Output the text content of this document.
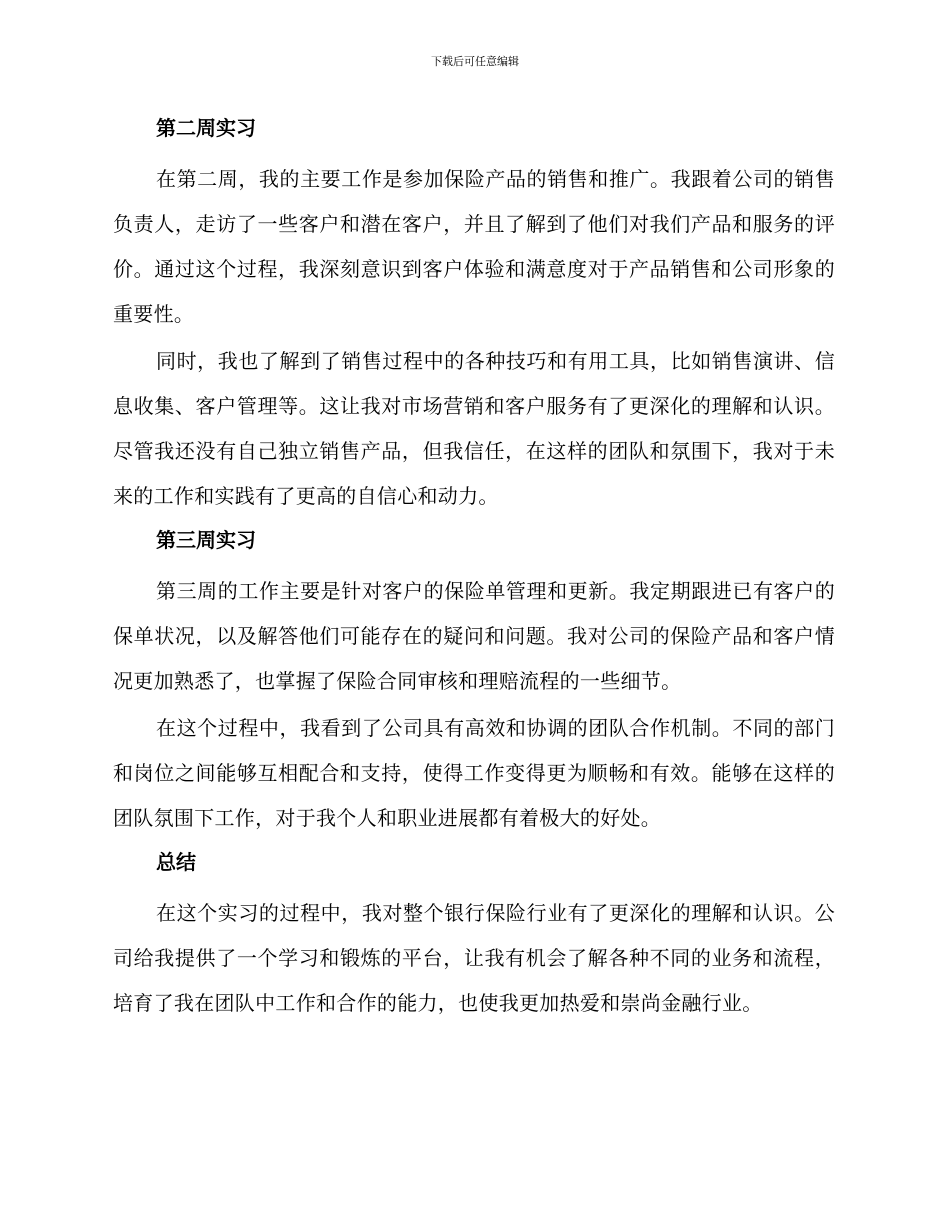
下载后可任意编辑
第二周实习

在第二周，我的主要工作是参加保险产品的销售和推广。我跟着公司的销售负责人，走访了一些客户和潜在客户，并且了解到了他们对我们产品和服务的评价。通过这个过程，我深刻意识到客户体验和满意度对于产品销售和公司形象的重要性。

同时，我也了解到了销售过程中的各种技巧和有用工具，比如销售演讲、信息收集、客户管理等。这让我对市场营销和客户服务有了更深化的理解和认识。尽管我还没有自己独立销售产品，但我信任，在这样的团队和氛围下，我对于未来的工作和实践有了更高的自信心和动力。

第三周实习

第三周的工作主要是针对客户的保险单管理和更新。我定期跟进已有客户的保单状况，以及解答他们可能存在的疑问和问题。我对公司的保险产品和客户情况更加熟悉了，也掌握了保险合同审核和理赔流程的一些细节。

在这个过程中，我看到了公司具有高效和协调的团队合作机制。不同的部门和岗位之间能够互相配合和支持，使得工作变得更为顺畅和有效。能够在这样的团队氛围下工作，对于我个人和职业进展都有着极大的好处。

总结

在这个实习的过程中，我对整个银行保险行业有了更深化的理解和认识。公司给我提供了一个学习和锻炼的平台，让我有机会了解各种不同的业务和流程，培育了我在团队中工作和合作的能力，也使我更加热爱和崇尚金融行业。
